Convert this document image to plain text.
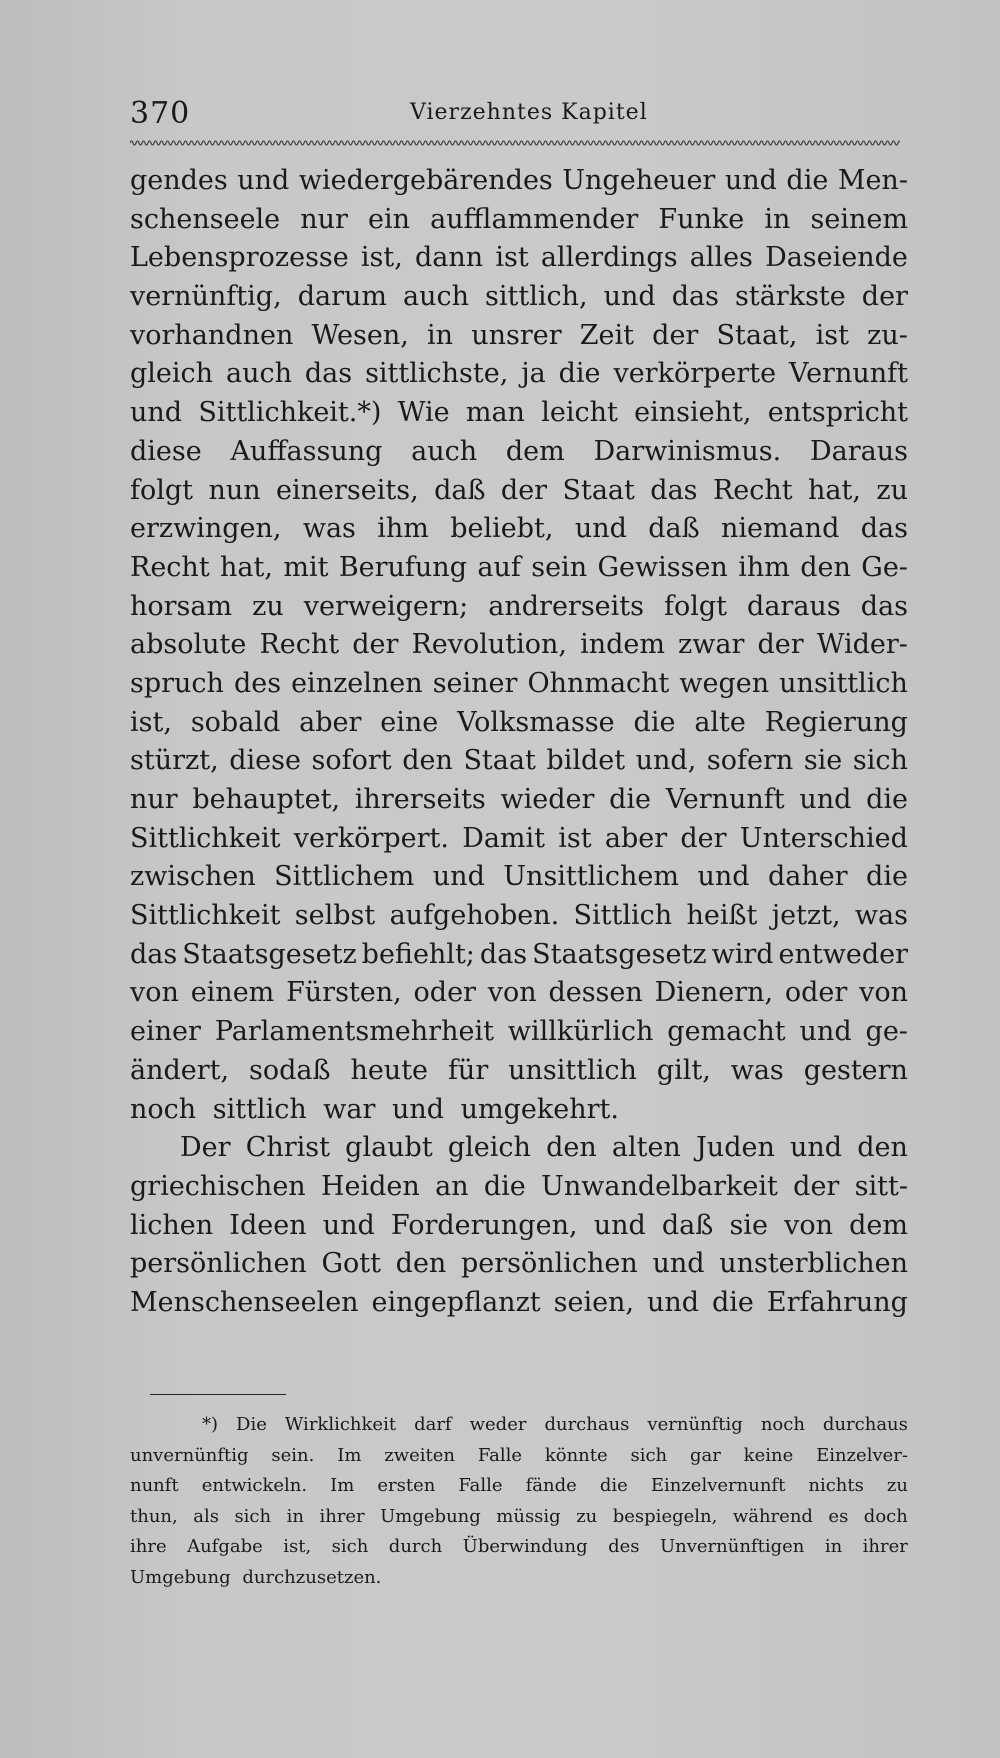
370	Vierzehntes Kapitel
gendes und wiedergebärendes Ungeheuer und die Men-
schenseele nur ein aufflammender Funke in seinem
Lebensprozesse ist, dann ist allerdings alles Daseiende
vernünftig, darum auch sittlich, und das stärkste der
vorhandnen Wesen, in unsrer Zeit der Staat, ist zu-
gleich auch das sittlichste, ja die verkörperte Vernunft
und Sittlichkeit.*) Wie man leicht einsieht, entspricht
diese Auffassung auch dem Darwinismus. Daraus
folgt nun einerseits, daß der Staat das Recht hat, zu
erzwingen, was ihm beliebt, und daß niemand das
Recht hat, mit Berufung auf sein Gewissen ihm den Ge-
horsam zu verweigern; andrerseits folgt daraus das
absolute Recht der Revolution, indem zwar der Wider-
spruch des einzelnen seiner Ohnmacht wegen unsittlich
ist, sobald aber eine Volksmasse die alte Regierung
stürzt, diese sofort den Staat bildet und, sofern sie sich
nur behauptet, ihrerseits wieder die Vernunft und die
Sittlichkeit verkörpert. Damit ist aber der Unterschied
zwischen Sittlichem und Unsittlichem und daher die
Sittlichkeit selbst aufgehoben. Sittlich heißt jetzt, was
das Staatsgesetz befiehlt; das Staatsgesetz wird entweder
von einem Fürsten, oder von dessen Dienern, oder von
einer Parlamentsmehrheit willkürlich gemacht und ge-
ändert, sodaß heute für unsittlich gilt, was gestern
noch sittlich war und umgekehrt.
Der Christ glaubt gleich den alten Juden und den
griechischen Heiden an die Unwandelbarkeit der sitt-
lichen Ideen und Forderungen, und daß sie von dem
persönlichen Gott den persönlichen und unsterblichen
Menschenseelen eingepflanzt seien, und die Erfahrung
*) Die Wirklichkeit darf weder durchaus vernünftig noch durchaus
unvernünftig sein. Im zweiten Falle könnte sich gar keine Einzelver-
nunft entwickeln. Im ersten Falle fände die Einzelvernunft nichts zu
thun, als sich in ihrer Umgebung müssig zu bespiegeln, während es doch
ihre Aufgabe ist, sich durch Überwindung des Unvernünftigen in ihrer
Umgebung durchzusetzen.
